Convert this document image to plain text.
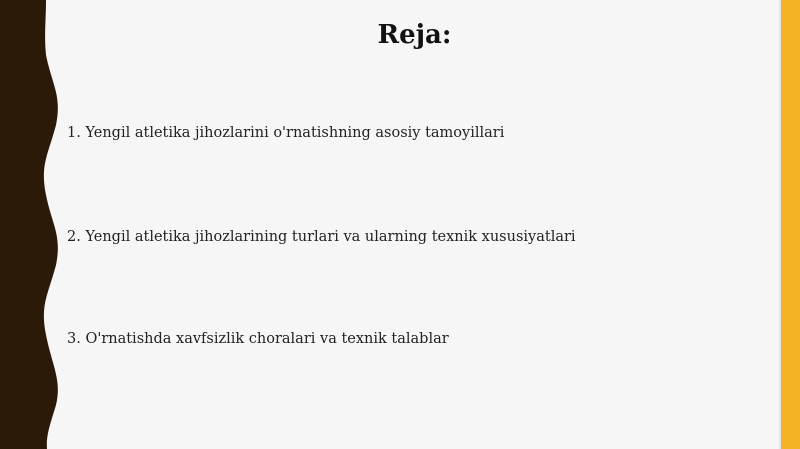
Reja:
1. Yengil atletika jihozlarini o'rnatishning asosiy tamoyillari
2. Yengil atletika jihozlarining turlari va ularning texnik xususiyatlari
3. O'rnatishda xavfsizlik choralari va texnik talablar
